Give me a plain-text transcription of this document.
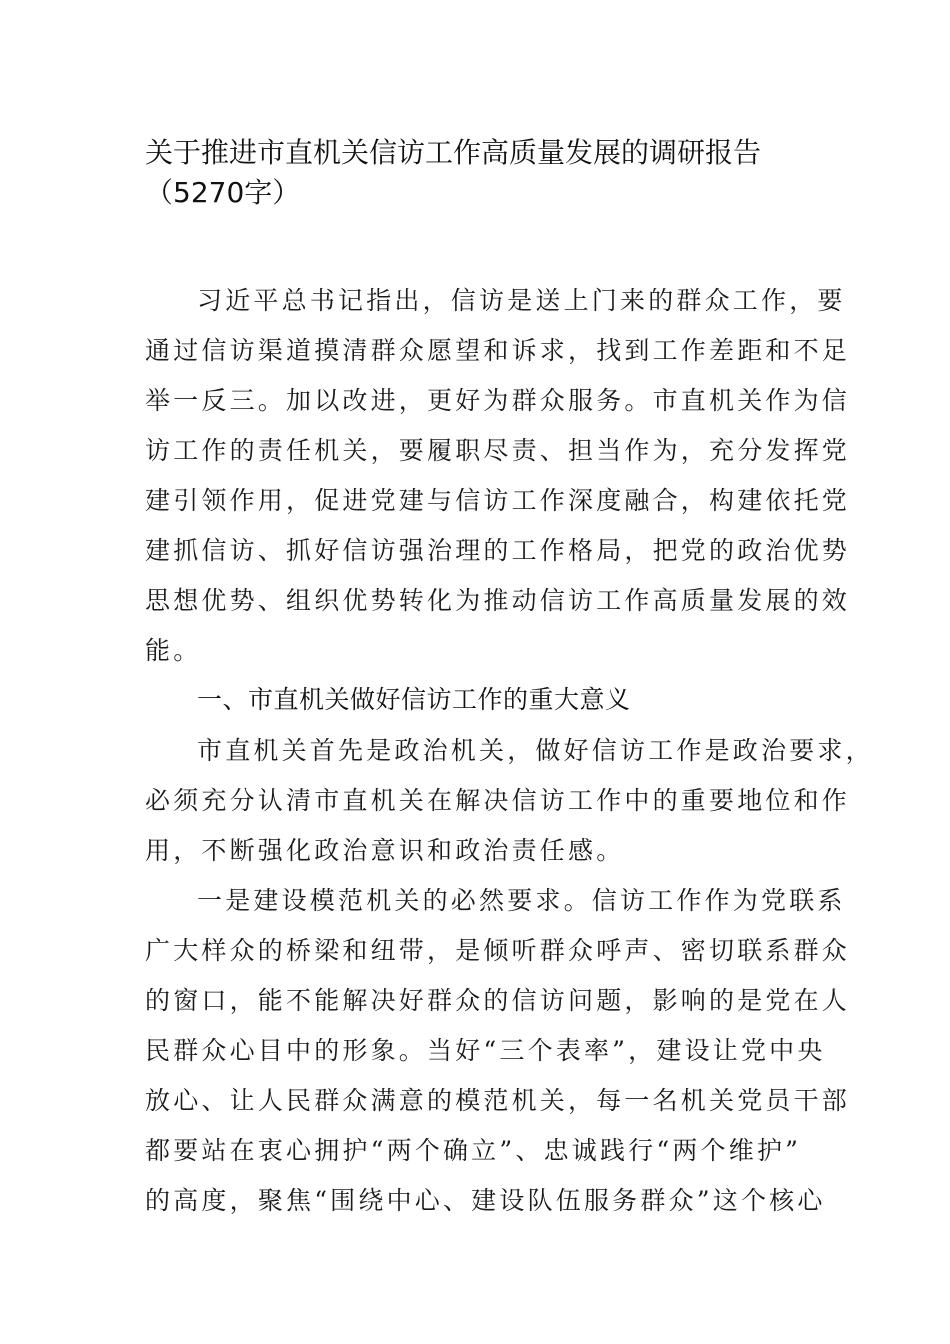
关于推进市直机关信访工作高质量发展的调研报告
（5270字）
习近平总书记指出，信访是送上门来的群众工作，要
通过信访渠道摸清群众愿望和诉求，找到工作差距和不足
举一反三。加以改进，更好为群众服务。市直机关作为信
访工作的责任机关，要履职尽责、担当作为，充分发挥党
建引领作用，促进党建与信访工作深度融合，构建依托党
建抓信访、抓好信访强治理的工作格局，把党的政治优势
思想优势、组织优势转化为推动信访工作高质量发展的效
能。
一、市直机关做好信访工作的重大意义
市直机关首先是政治机关，做好信访工作是政治要求，
必须充分认清市直机关在解决信访工作中的重要地位和作
用，不断强化政治意识和政治责任感。
一是建设模范机关的必然要求。信访工作作为党联系
广大样众的桥梁和纽带，是倾听群众呼声、密切联系群众
的窗口，能不能解决好群众的信访问题，影响的是党在人
民群众心目中的形象。当好“三个表率”，建设让党中央
放心、让人民群众满意的模范机关，每一名机关党员干部
都要站在衷心拥护“两个确立”、忠诚践行“两个维护”
的高度，聚焦“围绕中心、建设队伍服务群众”这个核心
